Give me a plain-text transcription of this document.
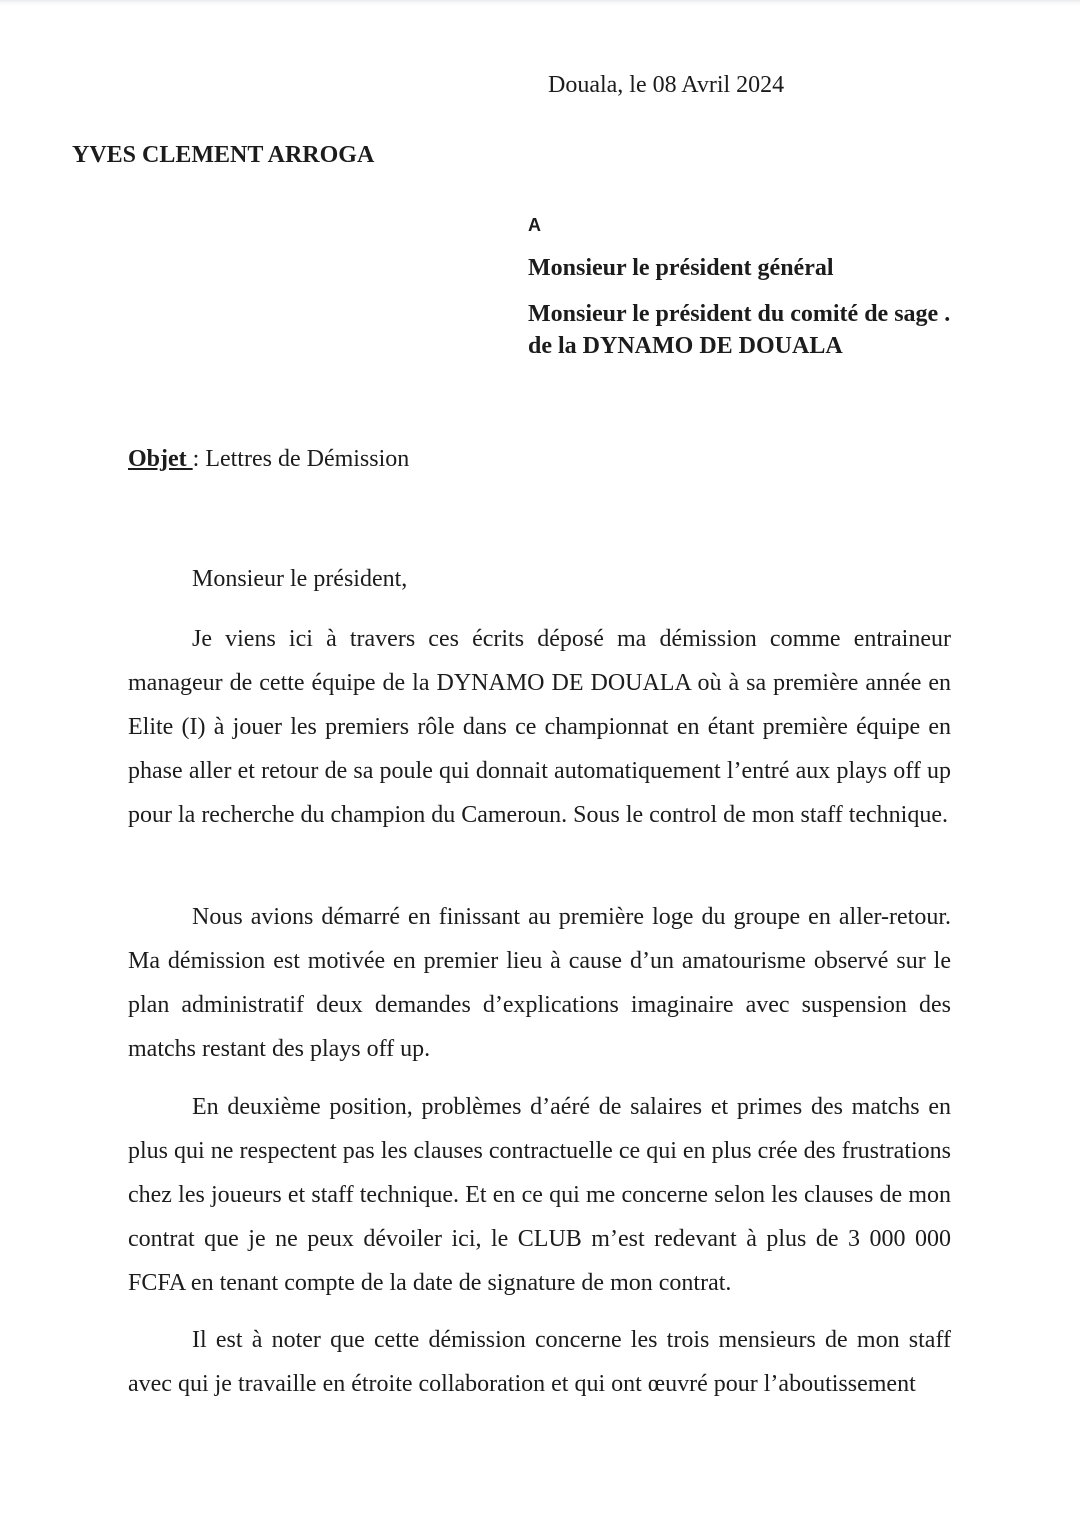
Douala, le 08 Avril 2024
YVES CLEMENT ARROGA
A
Monsieur le président général
Monsieur le président du comité de sage .
de la DYNAMO DE DOUALA
Objet : Lettres de Démission
Monsieur le président,

Je viens ici à travers ces écrits déposé ma démission comme entraineur manageur de cette équipe de la DYNAMO DE DOUALA où à sa première année en Elite (I) à jouer les premiers rôle dans ce championnat en étant première équipe en phase aller et retour de sa poule qui donnait automatiquement l’entré aux plays off up pour la recherche du champion du Cameroun. Sous le control de mon staff technique.

Nous avions démarré en finissant au première loge du groupe en aller-retour. Ma démission est motivée en premier lieu à cause d’un amatourisme observé sur le plan administratif deux demandes d’explications imaginaire avec suspension des matchs restant des plays off up.

En deuxième position, problèmes d’aéré de salaires et primes des matchs en plus qui ne respectent pas les clauses contractuelle ce qui en plus crée des frustrations chez les joueurs et staff technique. Et en ce qui me concerne selon les clauses de mon contrat que je ne peux dévoiler ici, le CLUB m’est redevant à plus de 3 000 000 FCFA en tenant compte de la date de signature de mon contrat.

Il est à noter que cette démission concerne les trois mensieurs de mon staff avec qui je travaille en étroite collaboration et qui ont œuvré pour l’aboutissement
